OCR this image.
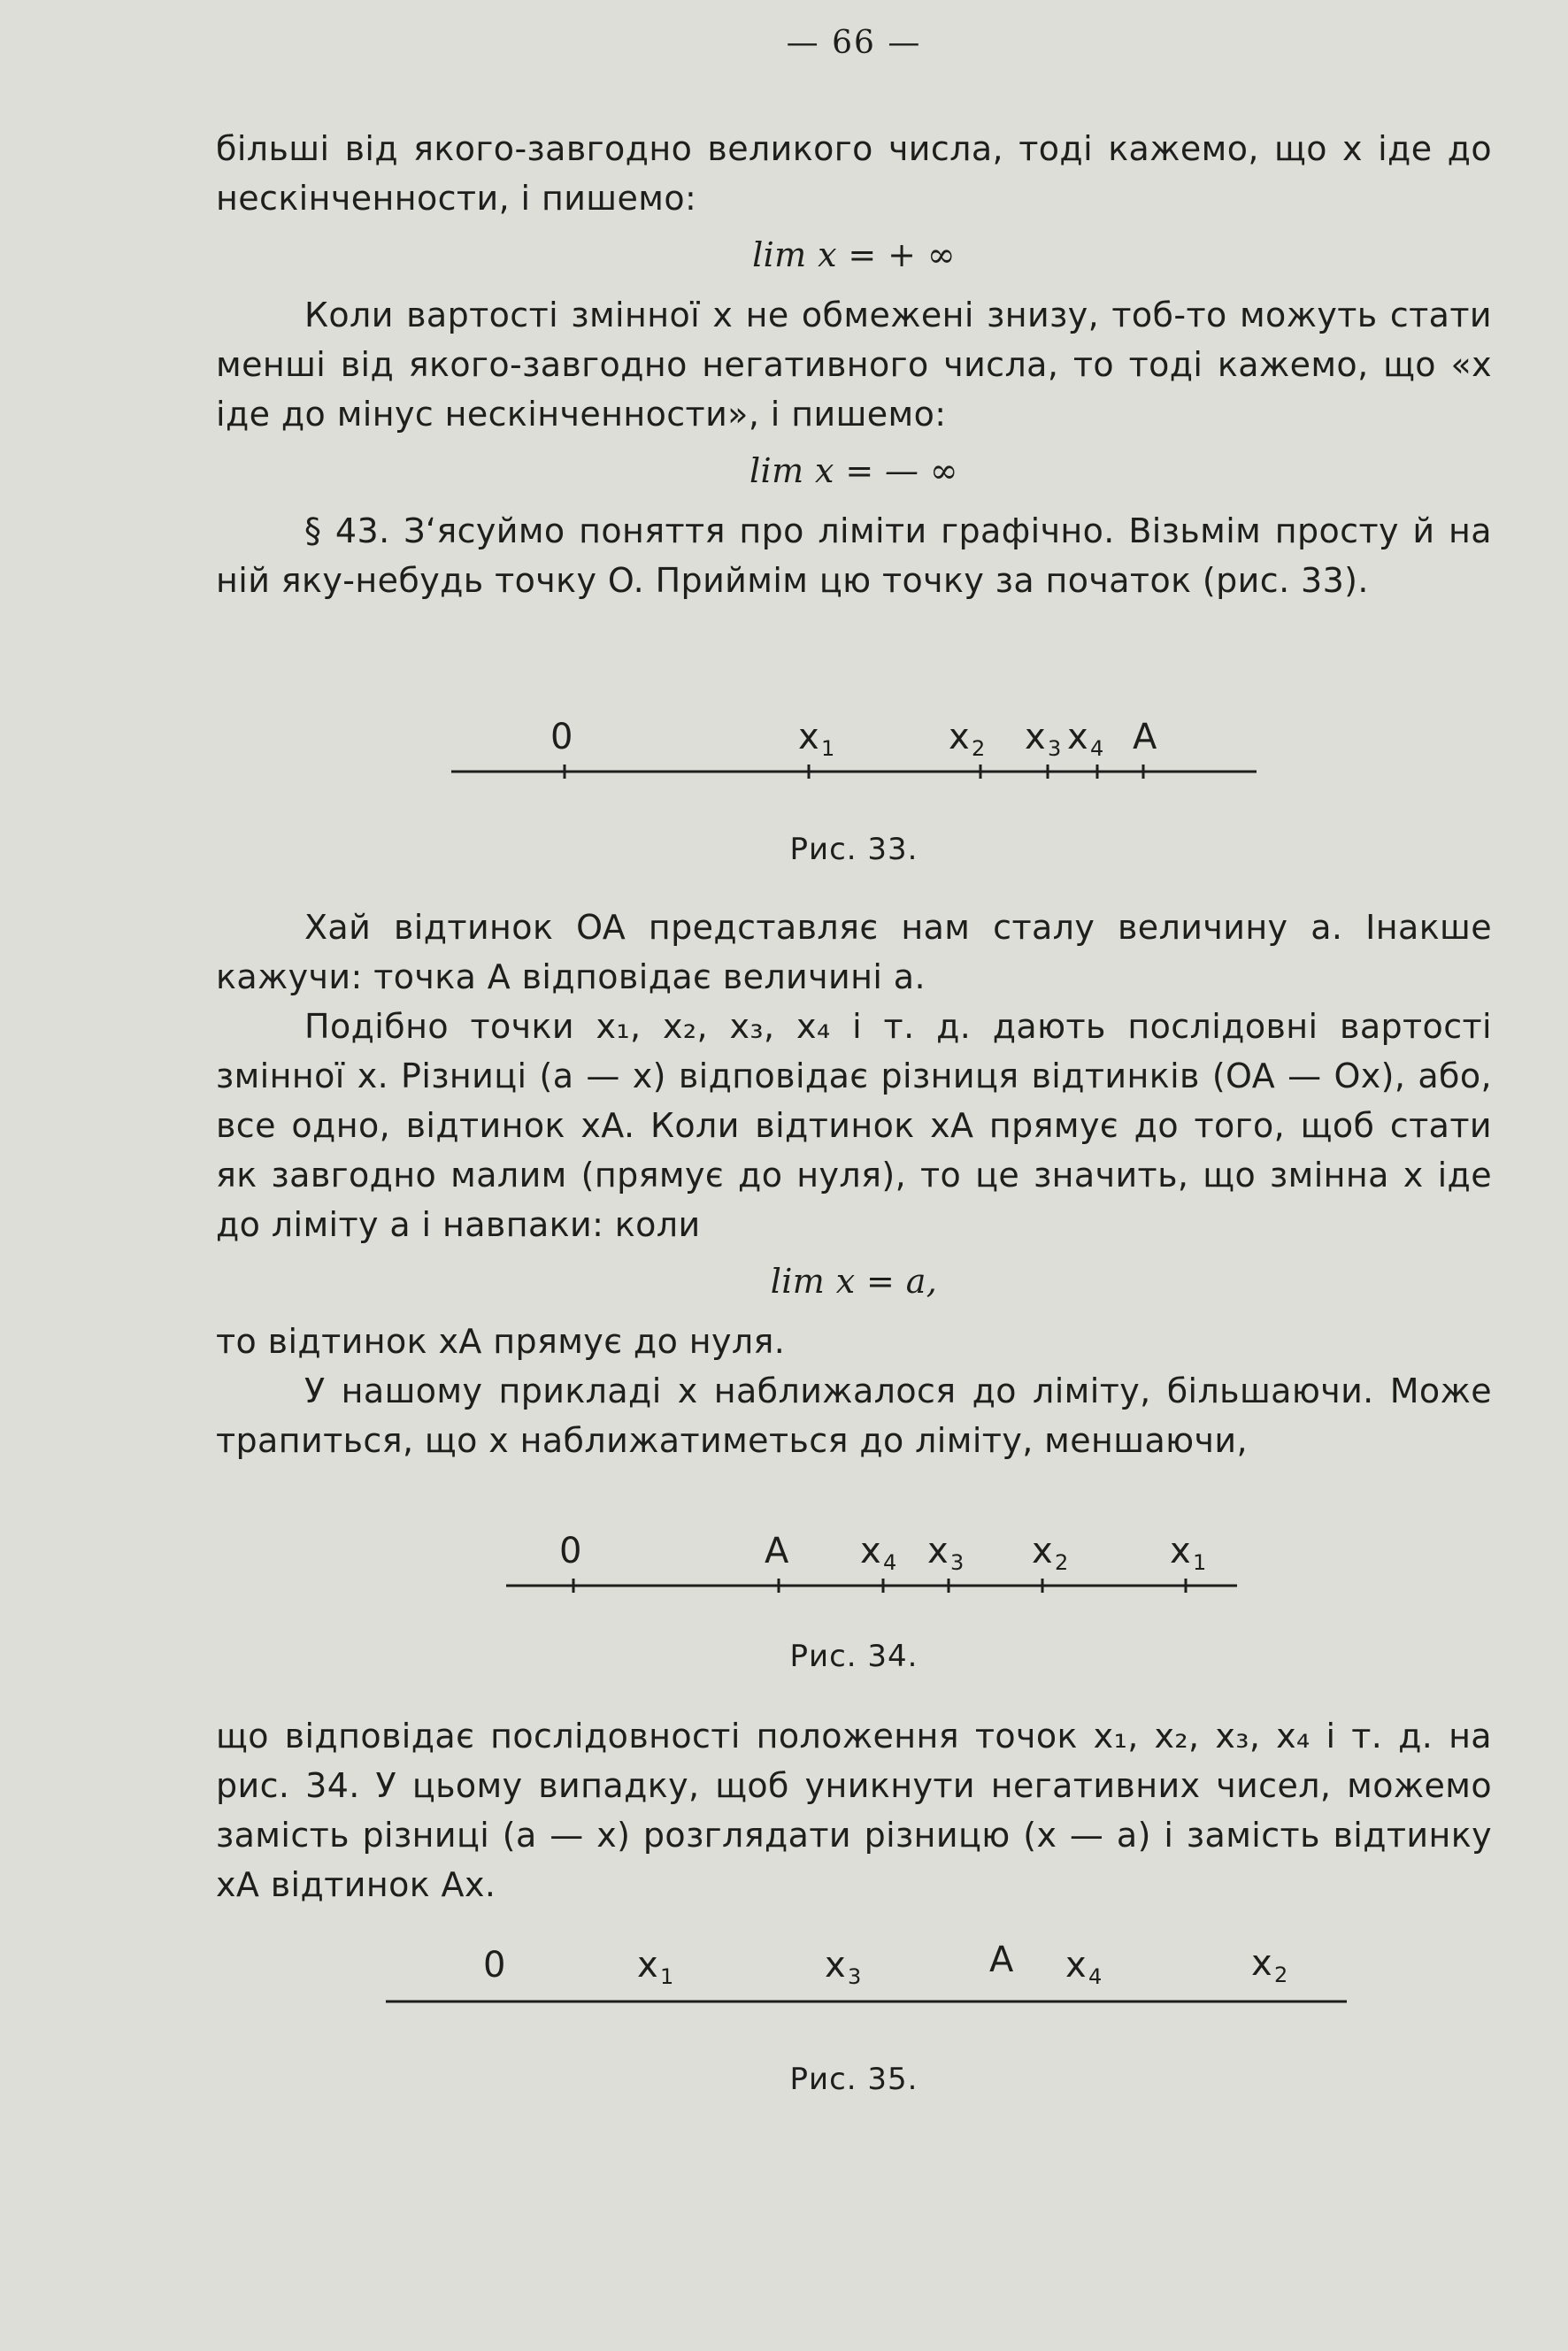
— 66 —

більші від якого-завгодно великого числа, тоді кажемо, що x іде до нескінченности, і пишемо:

lim x = + ∞

Коли вартості змінної x не обмежені знизу, тоб-то можуть стати менші від якого-завгодно негативного числа, то тоді кажемо, що «x іде до мінус нескінченности», і пишемо:

lim x = — ∞

§ 43. З‘ясуймо поняття про ліміти графічно. Візьмім просту й на ній яку-небудь точку O. Приймім цю точку за початок (рис. 33).

0	x 1	x 2 x 3 x 4 A
Рис. 33.

Хай відтинок OA представляє нам сталу величину a. Інакше кажучи: точка A відповідає величині a.

Подібно точки x₁, x₂, x₃, x₄ і т. д. дають послідовні вартості змінної x. Різниці (a — x) відповідає різниця відтинків (OA — Ox), або, все одно, відтинок xA. Коли відтинок xA прямує до того, щоб стати як завгодно малим (прямує до нуля), то це значить, що змінна x іде до ліміту a і навпаки: коли

lim x = a,

то відтинок xA прямує до нуля.

У нашому прикладі x наближалося до ліміту, більшаючи. Може трапиться, що x наближатиметься до ліміту, меншаючи,

0	A x 4 x 3 x 2	x 1
Рис. 34.

що відповідає послідовності положення точок x₁, x₂, x₃, x₄ і т. д. на рис. 34. У цьому випадку, щоб уникнути негативних чисел, можемо замість різниці (a — x) розглядати різницю (x — a) і замість відтинку xA відтинок Ax.

0	x 1	x 3	A x 4	x 2
Рис. 35.
